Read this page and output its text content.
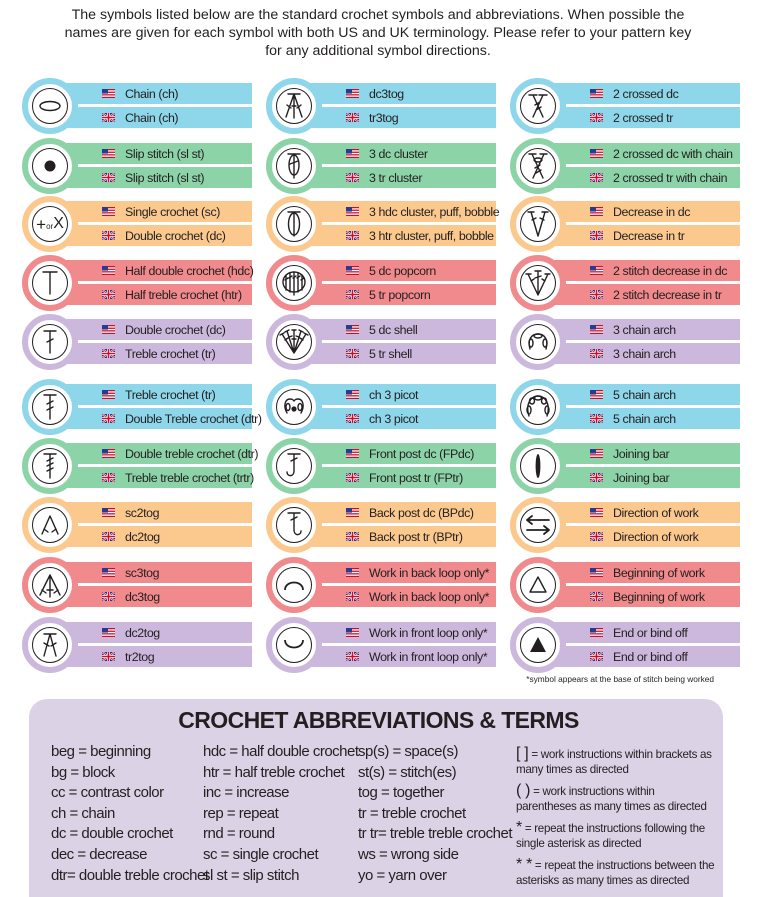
The symbols listed below are the standard crochet symbols and abbreviations. When possible the
names are given for each symbol with both US and UK terminology. Please refer to your pattern key
for any additional symbol directions.
Chain (ch)
Chain (ch)
Slip stitch (sl st)
Slip stitch (sl st)
Single crochet (sc)
Double crochet (dc)
+ or X
Half double crochet (hdc)
Half treble crochet (htr)
Double crochet (dc)
Treble crochet (tr)
Treble crochet (tr)
Double Treble crochet (dtr)
Double treble crochet (dtr)
Treble treble crochet (trtr)
sc2tog
dc2tog
sc3tog
dc3tog
dc2tog
tr2tog
dc3tog
tr3tog
3 dc cluster
3 tr cluster
3 hdc cluster, puff, bobble
3 htr cluster, puff, bobble
5 dc popcorn
5 tr popcorn
5 dc shell
5 tr shell
ch 3 picot
ch 3 picot
Front post dc (FPdc)
Front post tr (FPtr)
Back post dc (BPdc)
Back post tr (BPtr)
Work in back loop only*
Work in back loop only*
Work in front loop only*
Work in front loop only*
2 crossed dc
2 crossed tr
2 crossed dc with chain
2 crossed tr with chain
Decrease in dc
Decrease in tr
2 stitch decrease in dc
2 stitch decrease in tr
3 chain arch
3 chain arch
5 chain arch
5 chain arch
Joining bar
Joining bar
Direction of work
Direction of work
Beginning of work
Beginning of work
End or bind off
End or bind off
*symbol appears at the base of stitch being worked
CROCHET ABBREVIATIONS & TERMS
beg = beginning
bg = block
cc = contrast color
ch = chain
dc = double crochet
dec = decrease
dtr= double treble crochet
hdc = half double crochet
htr = half treble crochet
inc = increase
rep = repeat
rnd = round
sc = single crochet
sl st = slip stitch
sp(s) = space(s)
st(s) = stitch(es)
tog = together
tr = treble crochet
tr tr= treble treble crochet
ws = wrong side
yo = yarn over
[ ] = work instructions within brackets as many times as directed
( ) = work instructions within parentheses as many times as directed
* = repeat the instructions following the single asterisk as directed
* * = repeat the instructions between the asterisks as many times as directed
